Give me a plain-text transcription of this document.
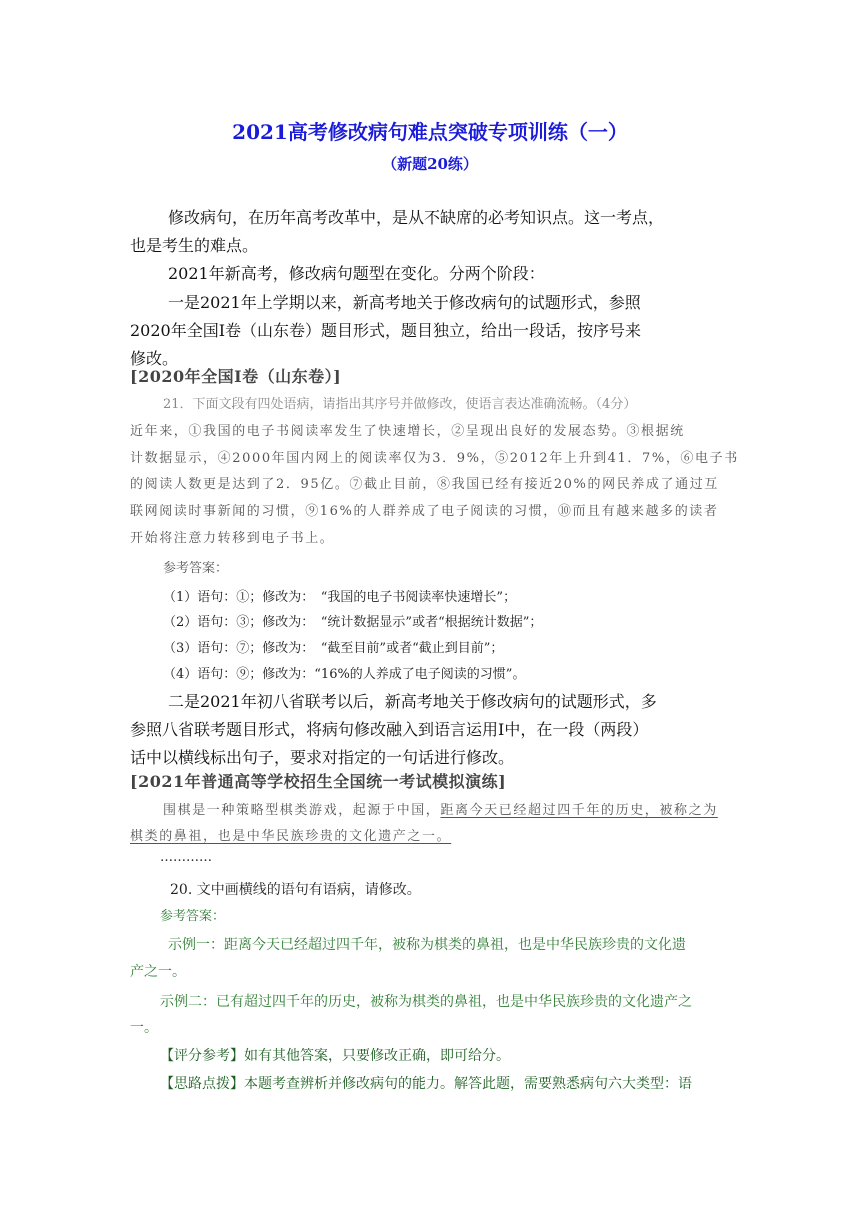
2021高考修改病句难点突破专项训练（一）
（新题20练）
修改病句，在历年高考改革中，是从不缺席的必考知识点。这一考点，
也是考生的难点。
2021年新高考，修改病句题型在变化。分两个阶段：
一是2021年上学期以来，新高考地关于修改病句的试题形式，参照
2020年全国Ⅰ卷（山东卷）题目形式，题目独立，给出一段话，按序号来
修改。
[2020年全国Ⅰ卷（山东卷）]
21．下面文段有四处语病，请指出其序号并做修改，使语言表达准确流畅。（4分）
近年来，①我国的电子书阅读率发生了快速增长，②呈现出良好的发展态势。③根据统
计数据显示，④2000年国内网上的阅读率仅为3．9%，⑤2012年上升到41．7%，⑥电子书
的阅读人数更是达到了2．95亿。⑦截止目前，⑧我国已经有接近20%的网民养成了通过互
联网阅读时事新闻的习惯，⑨16%的人群养成了电子阅读的习惯，⑩而且有越来越多的读者
开始将注意力转移到电子书上。
参考答案：
（1）语句：①；修改为：　“我国的电子书阅读率快速增长”；
（2）语句：③；修改为：　“统计数据显示”或者“根据统计数据”；
（3）语句：⑦；修改为：　“截至目前”或者“截止到目前”；
（4）语句：⑨；修改为：“16%的人养成了电子阅读的习惯”。
二是2021年初八省联考以后，新高考地关于修改病句的试题形式，多
参照八省联考题目形式，将病句修改融入到语言运用Ⅰ中，在一段（两段）
话中以横线标出句子，要求对指定的一句话进行修改。
[2021年普通高等学校招生全国统一考试模拟演练]
围棋是一种策略型棋类游戏，起源于中国，距离今天已经超过四千年的历史，被称之为
棋类的鼻祖，也是中华民族珍贵的文化遗产之一。
…………
20. 文中画横线的语句有语病，请修改。
参考答案：
示例一：距离今天已经超过四千年，被称为棋类的鼻祖，也是中华民族珍贵的文化遗
产之一。
示例二：已有超过四千年的历史，被称为棋类的鼻祖，也是中华民族珍贵的文化遗产之
一。
【评分参考】如有其他答案，只要修改正确，即可给分。
【思路点拨】本题考查辨析并修改病句的能力。解答此题，需要熟悉病句六大类型：语
